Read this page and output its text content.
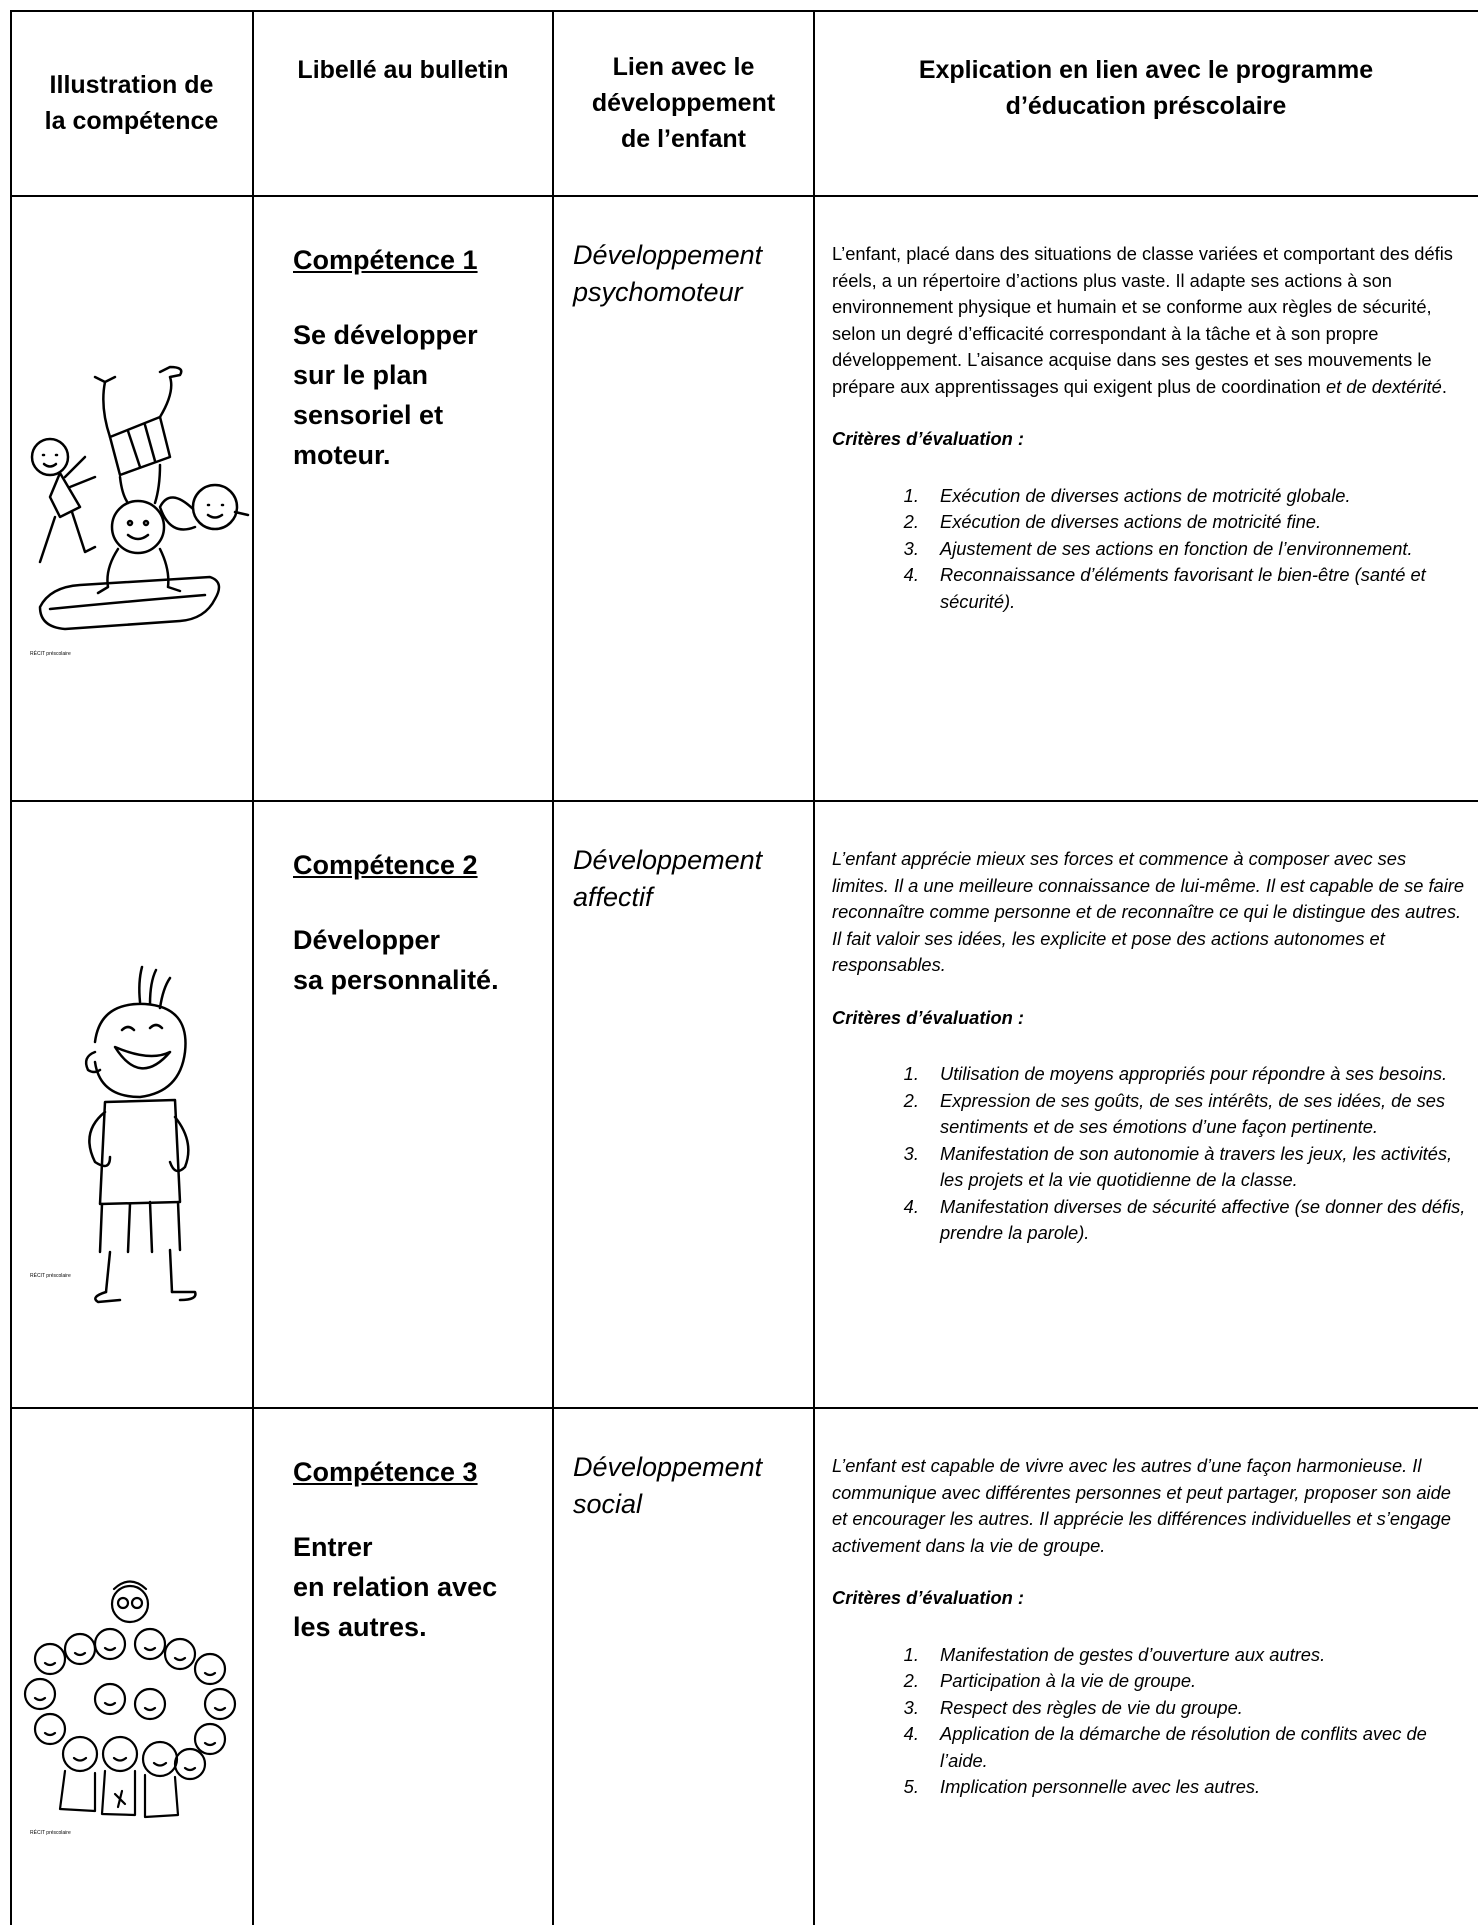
Illustration de
la compétence
Libellé au bulletin	Lien avec le
développement
de l’enfant
Explication en lien avec le programme
d’éducation préscolaire
RÉCIT préscolaire
Compétence 1
Se développer
sur le plan
sensoriel et
moteur.
Développement
psychomoteur

L’enfant, placé dans des situations de classe variées et comportant des défis réels, a un répertoire d’actions plus vaste. Il adapte ses actions à son environnement physique et humain et se conforme aux règles de sécurité, selon un degré d’efficacité correspondant à la tâche et à son propre développement. L’aisance acquise dans ses gestes et ses mouvements le prépare aux apprentissages qui exigent plus de coordination et de dextérité.

Critères d’évaluation :

1. Exécution de diverses actions de motricité globale.
2. Exécution de diverses actions de motricité fine.
3. Ajustement de ses actions en fonction de l’environnement.
4. Reconnaissance d’éléments favorisant le bien-être (santé et sécurité).
RÉCIT préscolaire
Compétence 2
Développer
sa personnalité.
Développement
affectif

L’enfant apprécie mieux ses forces et commence à composer avec ses limites. Il a une meilleure connaissance de lui-même. Il est capable de se faire reconnaître comme personne et de reconnaître ce qui le distingue des autres. Il fait valoir ses idées, les explicite et pose des actions autonomes et responsables.

Critères d’évaluation :

1. Utilisation de moyens appropriés pour répondre à ses besoins.
2. Expression de ses goûts, de ses intérêts, de ses idées, de ses sentiments et de ses émotions d’une façon pertinente.
3. Manifestation de son autonomie à travers les jeux, les activités, les projets et la vie quotidienne de la classe.
4. Manifestation diverses de sécurité affective (se donner des défis, prendre la parole).
RÉCIT préscolaire
Compétence 3
Entrer
en relation avec
les autres.
Développement
social

L’enfant est capable de vivre avec les autres d’une façon harmonieuse. Il communique avec différentes personnes et peut partager, proposer son aide et encourager les autres. Il apprécie les différences individuelles et s’engage activement dans la vie de groupe.

Critères d’évaluation :

1. Manifestation de gestes d’ouverture aux autres.
2. Participation à la vie de groupe.
3. Respect des règles de vie du groupe.
4. Application de la démarche de résolution de conflits avec de l’aide.
5. Implication personnelle avec les autres.
